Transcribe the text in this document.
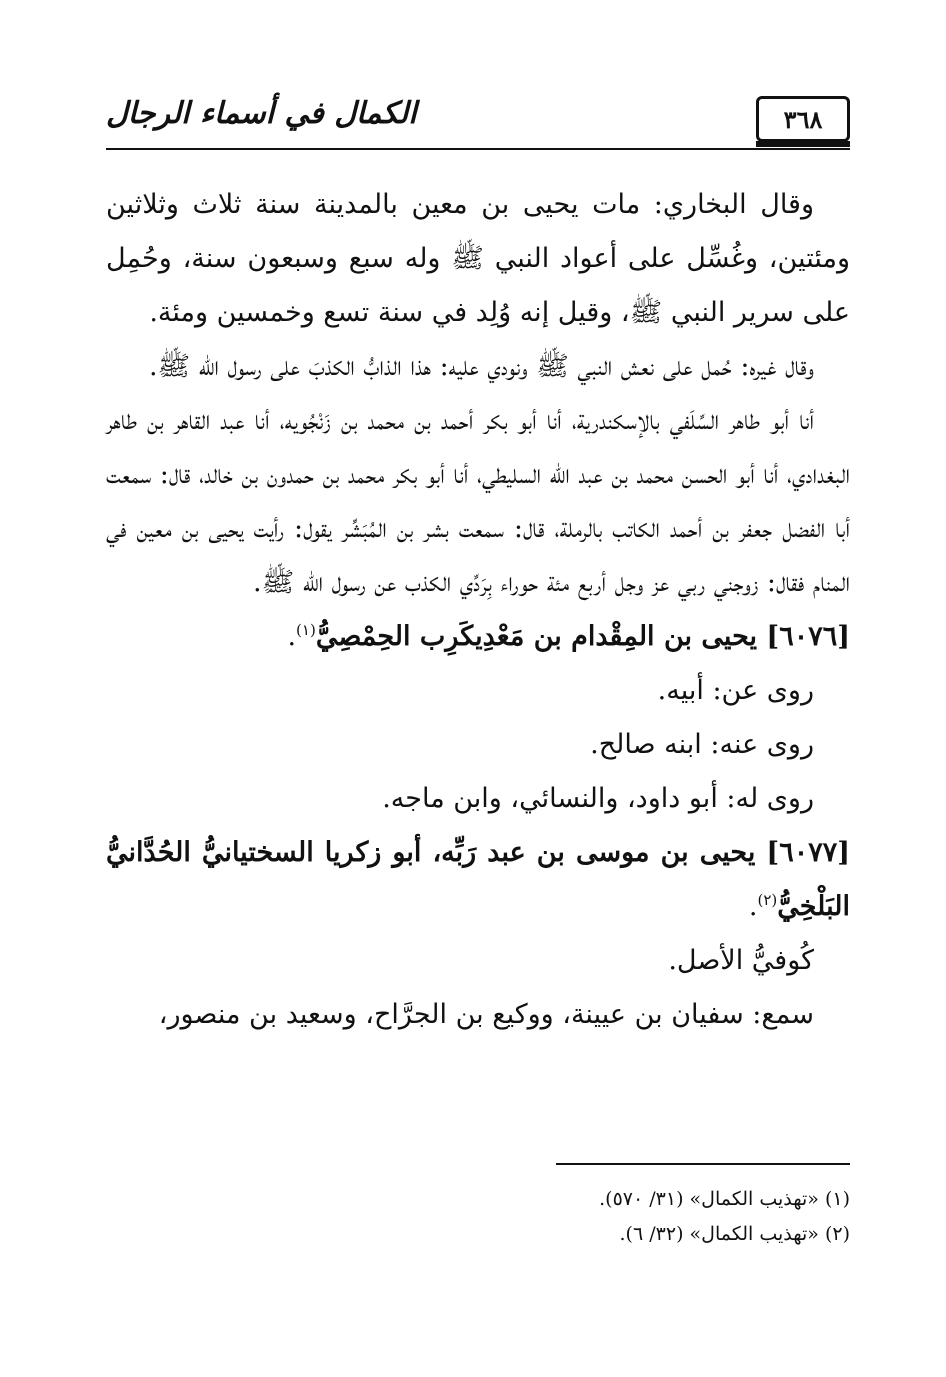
٣٦٨
الكمال في أسماء الرجال

وقال البخاري: مات يحيى بن معين بالمدينة سنة ثلاث وثلاثين ومئتين، وغُسِّل على أعواد النبي ﷺ وله سبع وسبعون سنة، وحُمِل على سرير النبي ﷺ، وقيل إنه وُلِد في سنة تسع وخمسين ومئة.

وقال غيره: حُمل على نعش النبي ﷺ ونودي عليه: هذا الذابُّ الكذبَ على رسول الله ﷺ.

أنا أبو طاهر السِّلَفي بالإسكندرية، أنا أبو بكر أحمد بن محمد بن زَنْجُويه، أنا عبد القاهر بن طاهر البغدادي، أنا أبو الحسن محمد بن عبد الله السليطي، أنا أبو بكر محمد بن حمدون بن خالد، قال: سمعت أبا الفضل جعفر بن أحمد الكاتب بالرملة، قال: سمعت بشر بن المُبَشِّر يقول: رأيت يحيى بن معين في المنام فقال: زوجني ربي عز وجل أربع مئة حوراء بِرَدِّي الكذب عن رسول الله ﷺ.

[٦٠٧٦] يحيى بن المِقْدام بن مَعْدِيكَرِب الحِمْصِيُّ$^{(١)}$.

روى عن: أبيه.

روى عنه: ابنه صالح.

روى له: أبو داود، والنسائي، وابن ماجه.

[٦٠٧٧] يحيى بن موسى بن عبد رَبِّه، أبو زكريا السختيانيُّ الحُدَّانيُّ البَلْخِيُّ$^{(٢)}$.

كُوفيُّ الأصل.

سمع: سفيان بن عيينة، ووكيع بن الجرَّاح، وسعيد بن منصور،

(١) «تهذيب الكمال» (٣١/ ٥٧٠).
(٢) «تهذيب الكمال» (٣٢/ ٦).
